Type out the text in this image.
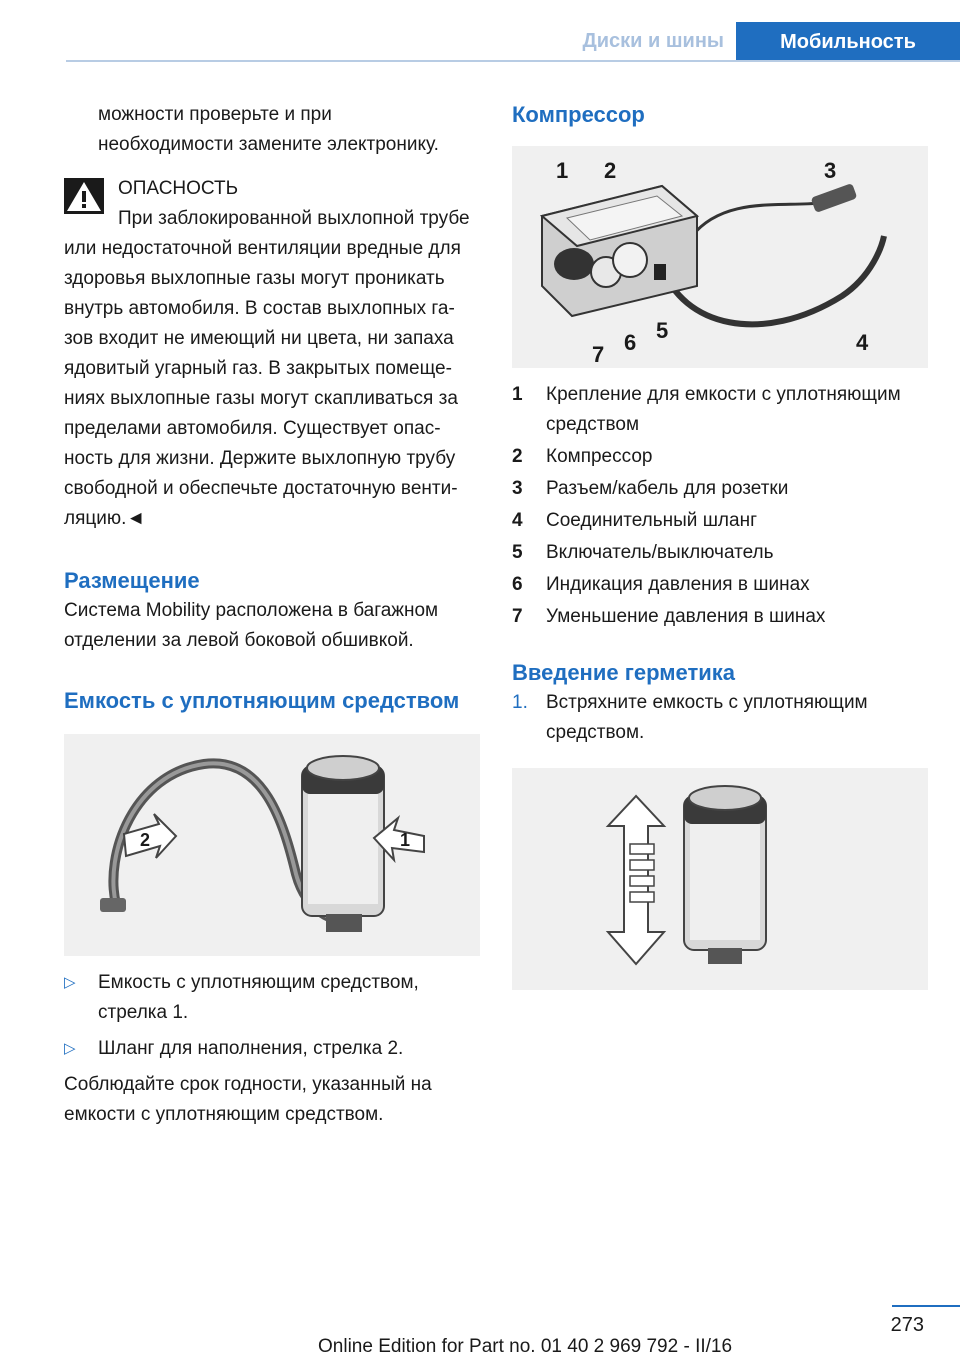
Диски и шины	Мобильность

можности проверьте и при

необходимости замените электронику.

ОПАСНОСТЬ

При заблокированной выхлопной трубе

или недостаточной вентиляции вредные для

здоровья выхлопные газы могут проникать

внутрь автомобиля. В состав выхлопных га‐

зов входит не имеющий ни цвета, ни запаха

ядовитый угарный газ. В закрытых помеще‐

ниях выхлопные газы могут скапливаться за

пределами автомобиля. Существует опас‐

ность для жизни. Держите выхлопную трубу

свободной и обеспечьте достаточную венти‐

ляцию.◄

Размещение

Система Mobility расположена в багажном

отделении за левой боковой обшивкой.

Емкость с уплотняющим средством
1
2
▷	Емкость с уплотняющим средством,

стрелка 1.

▷	Шланг для наполнения, стрелка 2.

Соблюдайте срок годности, указанный на

емкости с уплотняющим средством.

Компрессор
1 2	3
4
5
6
7
1	Крепление для емкости с уплотняющим

средством

2	Компрессор

3	Разъем/кабель для розетки

4	Соединительный шланг

5	Включатель/выключатель

6	Индикация давления в шинах

7	Уменьшение давления в шинах

Введение герметика
1. Встряхните емкость с уплотняющим

средством.

273
Online Edition for Part no. 01 40 2 969 792 - II/16
